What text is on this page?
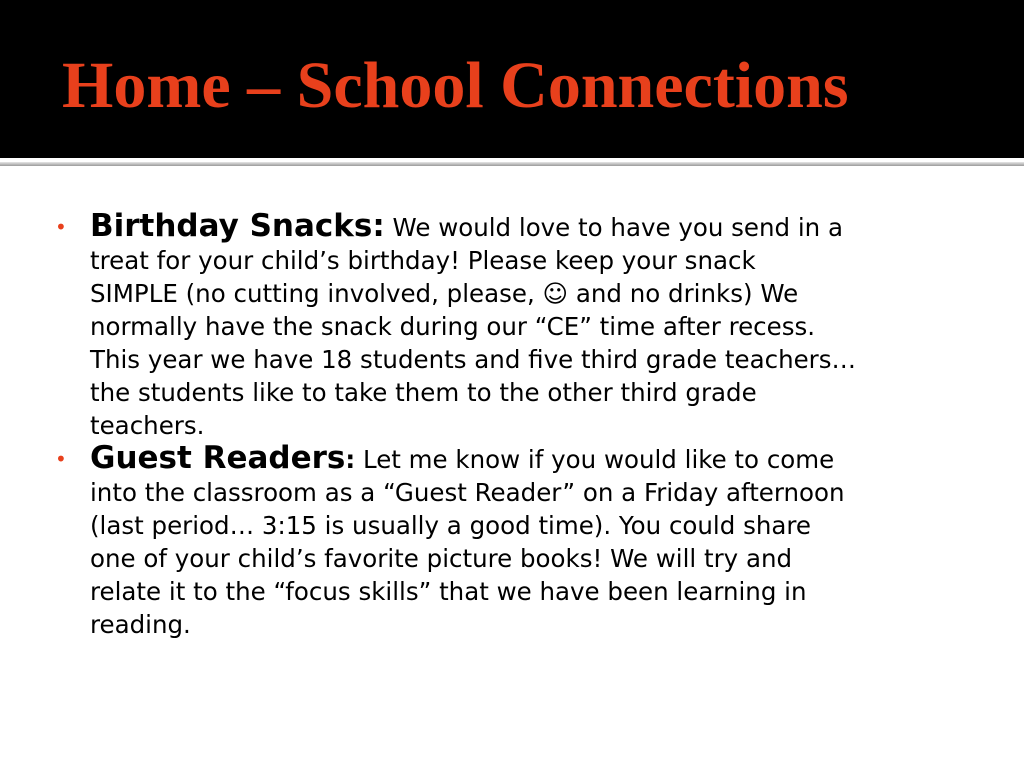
Home – School Connections
• Birthday Snacks: We would love to have you send in a
treat for your child’s birthday! Please keep your snack
SIMPLE (no cutting involved, please, ☺ and no drinks) We
normally have the snack during our “CE” time after recess.
This year we have 18 students and five third grade teachers…
the students like to take them to the other third grade
teachers.
• Guest Readers: Let me know if you would like to come
into the classroom as a “Guest Reader” on a Friday afternoon
(last period… 3:15 is usually a good time). You could share
one of your child’s favorite picture books! We will try and
relate it to the “focus skills” that we have been learning in
reading.
